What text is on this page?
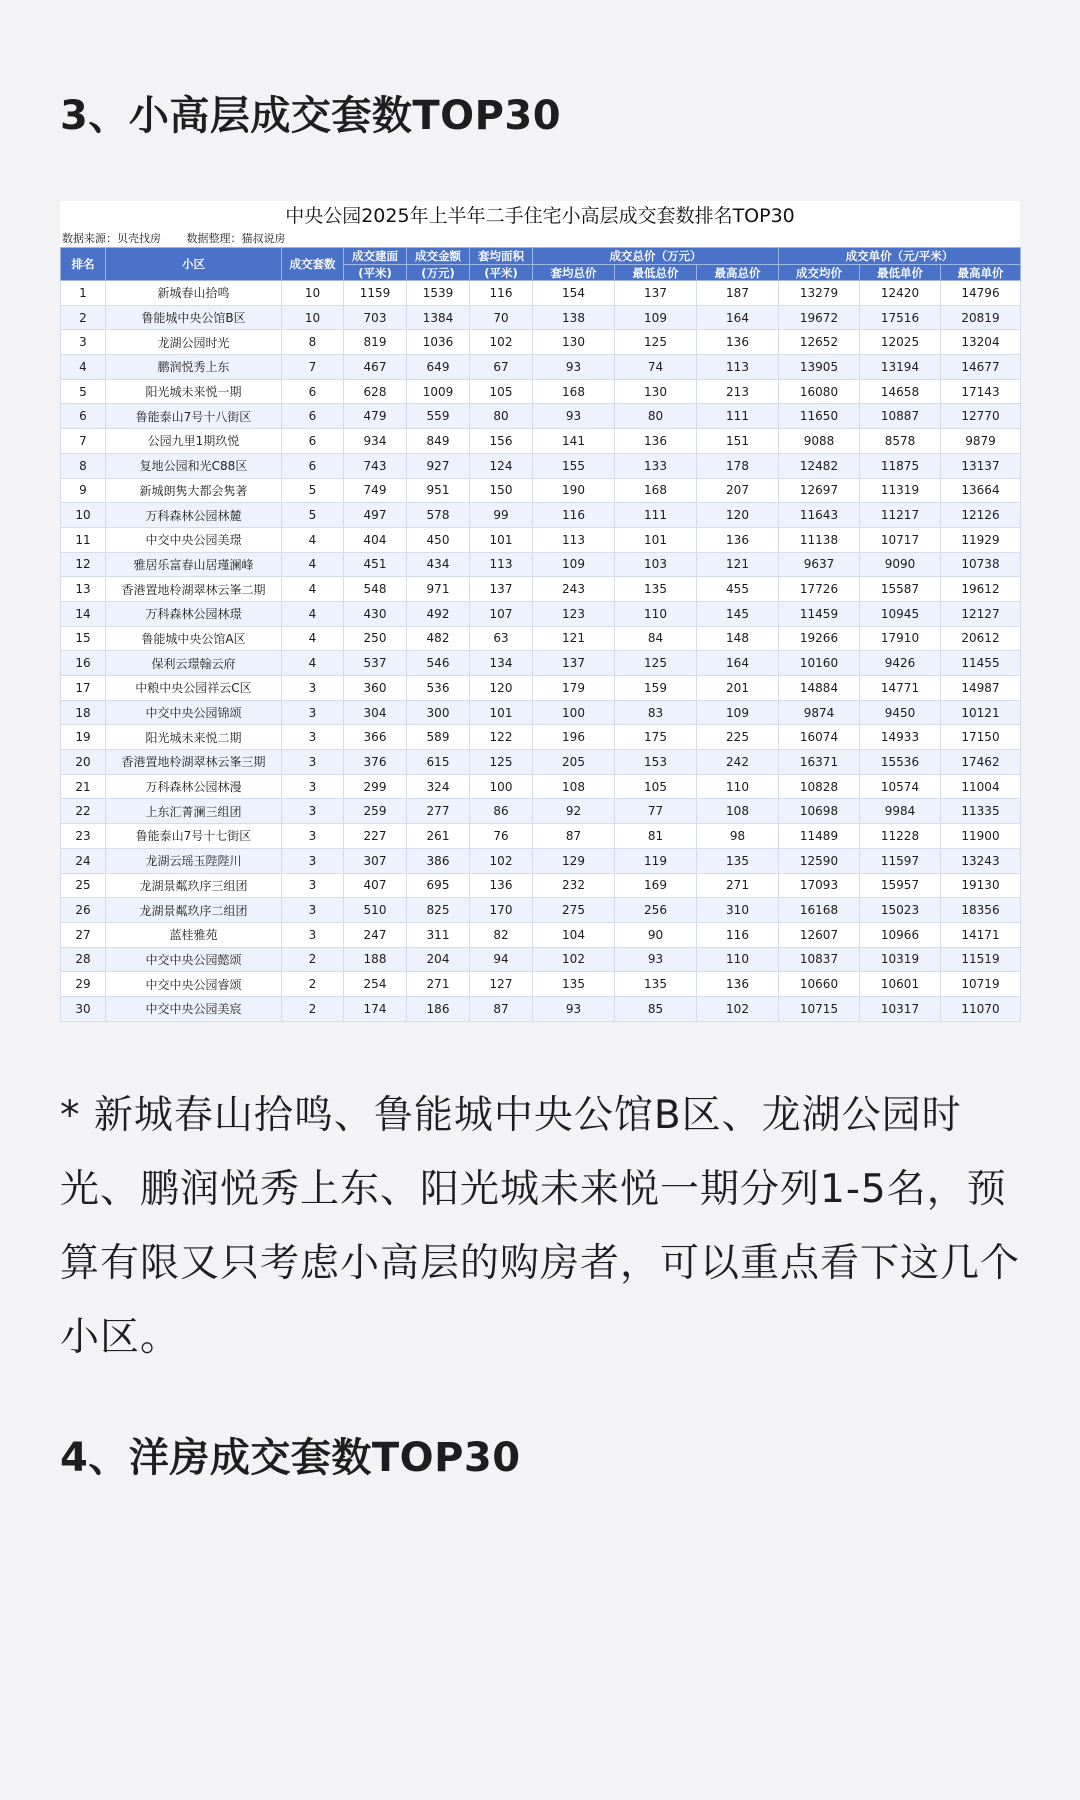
3、小高层成交套数TOP30
中央公园2025年上半年二手住宅小高层成交套数排名TOP30
数据来源：贝壳找房 数据整理：猫叔说房
排名	小区	成交套数	成交建面	成交金额	套均面积	成交总价（万元）			成交单价（元/平米）		
			(平米)	(万元)	(平米)	套均总价	最低总价	最高总价	成交均价	最低单价	最高单价
1	新城春山拾鸣	10	1159	1539	116	154	137	187	13279	12420	14796
2	鲁能城中央公馆B区	10	703	1384	70	138	109	164	19672	17516	20819
3	龙湖公园时光	8	819	1036	102	130	125	136	12652	12025	13204
4	鹏润悦秀上东	7	467	649	67	93	74	113	13905	13194	14677
5	阳光城未来悦一期	6	628	1009	105	168	130	213	16080	14658	17143
6	鲁能泰山7号十八街区	6	479	559	80	93	80	111	11650	10887	12770
7	公园九里1期玖悦	6	934	849	156	141	136	151	9088	8578	9879
8	复地公园和光C88区	6	743	927	124	155	133	178	12482	11875	13137
9	新城朗隽大都会隽著	5	749	951	150	190	168	207	12697	11319	13664
10	万科森林公园林麓	5	497	578	99	116	111	120	11643	11217	12126
11	中交中央公园美璟	4	404	450	101	113	101	136	11138	10717	11929
12	雅居乐富春山居瑾澜峰	4	451	434	113	109	103	121	9637	9090	10738
13	香港置地柃湖翠林云峯二期	4	548	971	137	243	135	455	17726	15587	19612
14	万科森林公园林璟	4	430	492	107	123	110	145	11459	10945	12127
15	鲁能城中央公馆A区	4	250	482	63	121	84	148	19266	17910	20612
16	保利云璟翰云府	4	537	546	134	137	125	164	10160	9426	11455
17	中粮中央公园祥云C区	3	360	536	120	179	159	201	14884	14771	14987
18	中交中央公园锦颂	3	304	300	101	100	83	109	9874	9450	10121
19	阳光城未来悦二期	3	366	589	122	196	175	225	16074	14933	17150
20	香港置地柃湖翠林云峯三期	3	376	615	125	205	153	242	16371	15536	17462
21	万科森林公园林漫	3	299	324	100	108	105	110	10828	10574	11004
22	上东汇菁澜三组团	3	259	277	86	92	77	108	10698	9984	11335
23	鲁能泰山7号十七街区	3	227	261	76	87	81	98	11489	11228	11900
24	龙湖云瑶玉陛陛川	3	307	386	102	129	119	135	12590	11597	13243
25	龙湖景粼玖序三组团	3	407	695	136	232	169	271	17093	15957	19130
26	龙湖景粼玖序二组团	3	510	825	170	275	256	310	16168	15023	18356
27	蓝桂雅苑	3	247	311	82	104	90	116	12607	10966	14171
28	中交中央公园懿颂	2	188	204	94	102	93	110	10837	10319	11519
29	中交中央公园睿颂	2	254	271	127	135	135	136	10660	10601	10719
30	中交中央公园美宸	2	174	186	87	93	85	102	10715	10317	11070

* 新城春山拾鸣、鲁能城中央公馆B区、龙湖公园时光、鹏润悦秀上东、阳光城未来悦一期分列1-5名，预算有限又只考虑小高层的购房者，可以重点看下这几个小区。

4、洋房成交套数TOP30
